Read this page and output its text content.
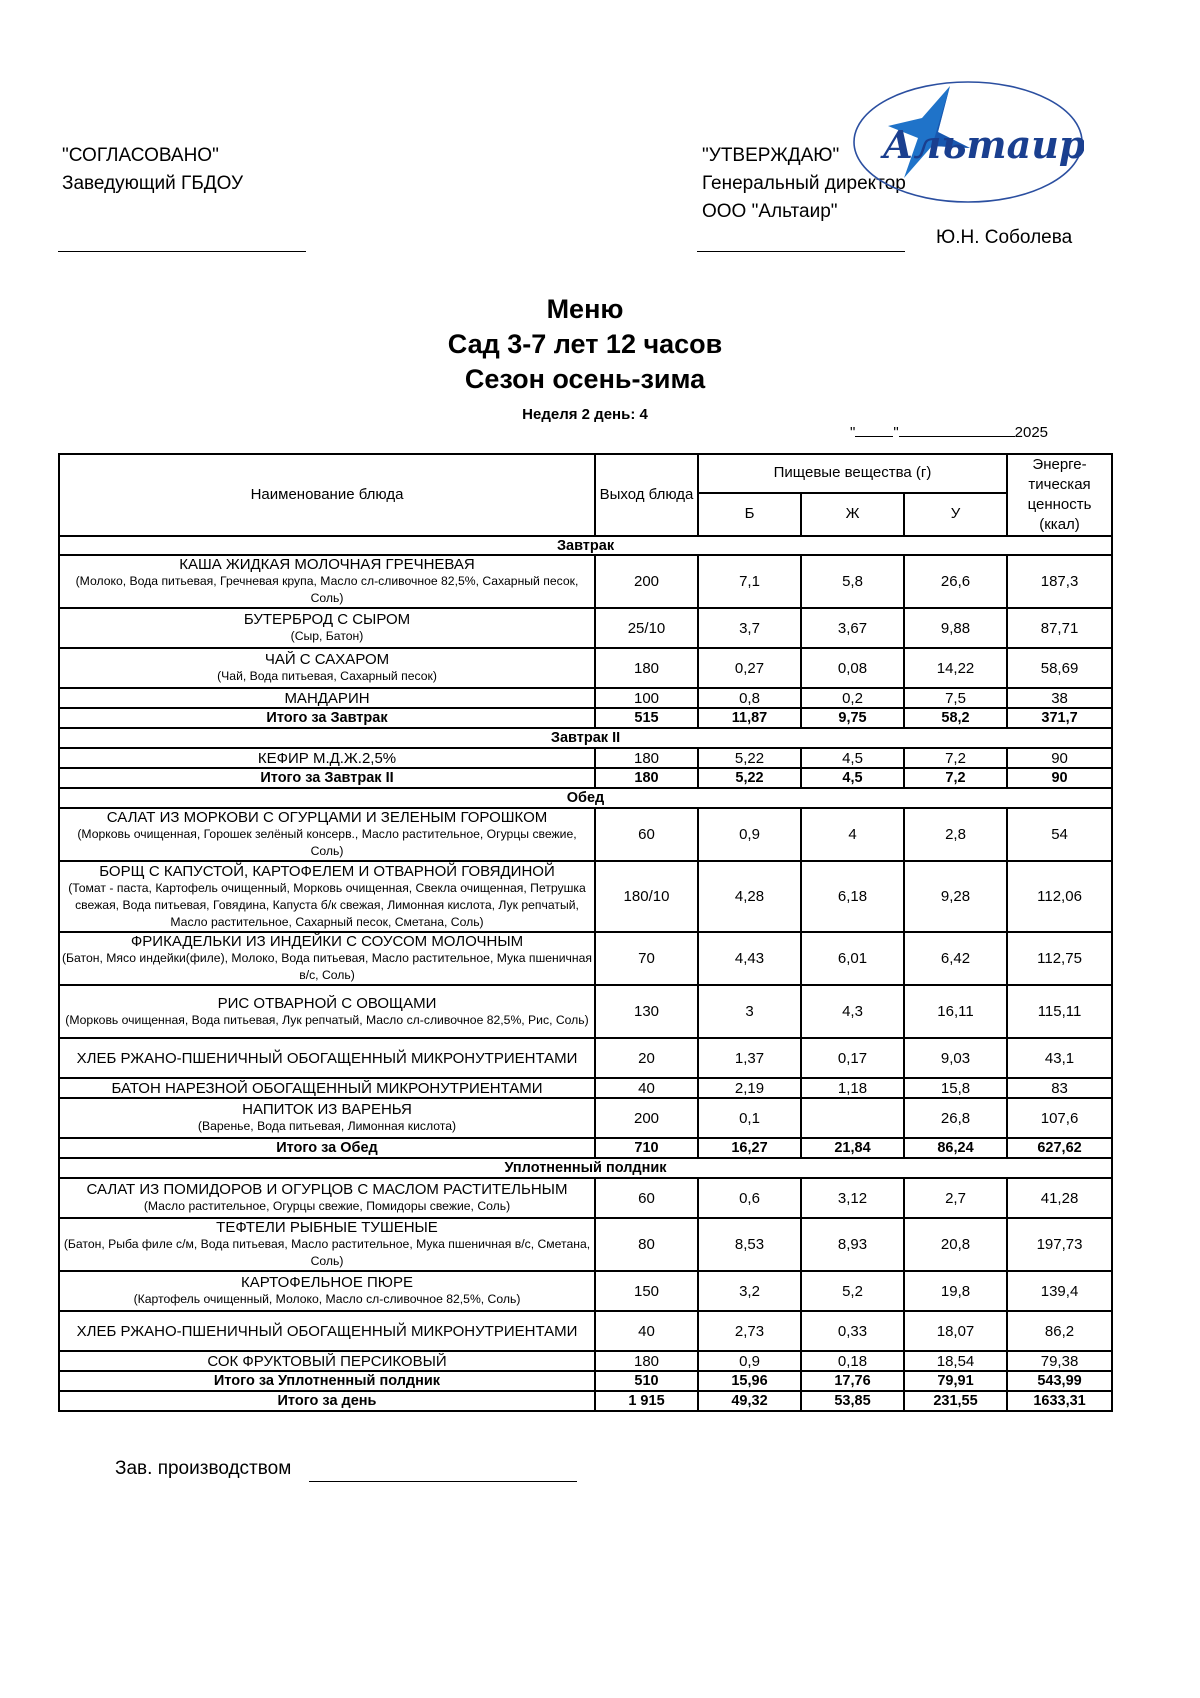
"СОГЛАСОВАНО"
Заведующий ГБДОУ
"УТВЕРЖДАЮ"
Генеральный директор
ООО "Альтаир"
Ю.Н. Соболева
Альтаир
Меню
Сад 3-7 лет 12 часов
Сезон осень-зима
Неделя 2 день: 4
"	"	2025
Наименование блюда	Выход блюда	Пищевые вещества (г)			Энерге-тическая ценность (ккал)
		Б	Ж	У	
Завтрак					

КАША ЖИДКАЯ МОЛОЧНАЯ ГРЕЧНЕВАЯ
(Молоко, Вода питьевая, Гречневая крупа, Масло сл-сливочное 82,5%, Сахарный песок, Соль)	200	7,1	5,8	26,6	187,3

БУТЕРБРОД С СЫРОМ
(Сыр, Батон)	25/10	3,7	3,67	9,88	87,71

ЧАЙ С САХАРОМ
(Чай, Вода питьевая, Сахарный песок)	180	0,27	0,08	14,22	58,69

МАНДАРИН	100	0,8	0,2	7,5	38
Итого за Завтрак	515	11,87	9,75	58,2	371,7
Завтрак II					

КЕФИР М.Д.Ж.2,5%	180	5,22	4,5	7,2	90
Итого за Завтрак II	180	5,22	4,5	7,2	90
Обед					

САЛАТ ИЗ МОРКОВИ С ОГУРЦАМИ И ЗЕЛЕНЫМ ГОРОШКОМ
(Морковь очищенная, Горошек зелёный консерв., Масло растительное, Огурцы свежие, Соль)	60	0,9	4	2,8	54

БОРЩ С КАПУСТОЙ, КАРТОФЕЛЕМ И ОТВАРНОЙ ГОВЯДИНОЙ
(Томат - паста, Картофель очищенный, Морковь очищенная, Свекла очищенная, Петрушка свежая, Вода питьевая, Говядина, Капуста б/к свежая, Лимонная кислота, Лук репчатый, Масло растительное, Сахарный песок, Сметана, Соль)	180/10	4,28	6,18	9,28	112,06

ФРИКАДЕЛЬКИ ИЗ ИНДЕЙКИ С СОУСОМ МОЛОЧНЫМ
(Батон, Мясо индейки(филе), Молоко, Вода питьевая, Масло растительное, Мука пшеничная в/с, Соль)	70	4,43	6,01	6,42	112,75

РИС ОТВАРНОЙ С ОВОЩАМИ
(Морковь очищенная, Вода питьевая, Лук репчатый, Масло сл-сливочное 82,5%, Рис, Соль)	130	3	4,3	16,11	115,11

ХЛЕБ РЖАНО-ПШЕНИЧНЫЙ ОБОГАЩЕННЫЙ МИКРОНУТРИЕНТАМИ	20	1,37	0,17	9,03	43,1

БАТОН НАРЕЗНОЙ ОБОГАЩЕННЫЙ МИКРОНУТРИЕНТАМИ	40	2,19	1,18	15,8	83

НАПИТОК ИЗ ВАРЕНЬЯ
(Варенье, Вода питьевая, Лимонная кислота)	200	0,1		26,8	107,6
Итого за Обед	710	16,27	21,84	86,24	627,62
Уплотненный полдник					

САЛАТ ИЗ ПОМИДОРОВ И ОГУРЦОВ С МАСЛОМ РАСТИТЕЛЬНЫМ
(Масло растительное, Огурцы свежие, Помидоры свежие, Соль)	60	0,6	3,12	2,7	41,28

ТЕФТЕЛИ РЫБНЫЕ ТУШЕНЫЕ
(Батон, Рыба филе с/м, Вода питьевая, Масло растительное, Мука пшеничная в/с, Сметана, Соль)	80	8,53	8,93	20,8	197,73

КАРТОФЕЛЬНОЕ ПЮРЕ
(Картофель очищенный, Молоко, Масло сл-сливочное 82,5%, Соль)	150	3,2	5,2	19,8	139,4

ХЛЕБ РЖАНО-ПШЕНИЧНЫЙ ОБОГАЩЕННЫЙ МИКРОНУТРИЕНТАМИ	40	2,73	0,33	18,07	86,2

СОК ФРУКТОВЫЙ ПЕРСИКОВЫЙ	180	0,9	0,18	18,54	79,38
Итого за Уплотненный полдник	510	15,96	17,76	79,91	543,99
Итого за день	1 915	49,32	53,85	231,55	1633,31
Зав. производством
